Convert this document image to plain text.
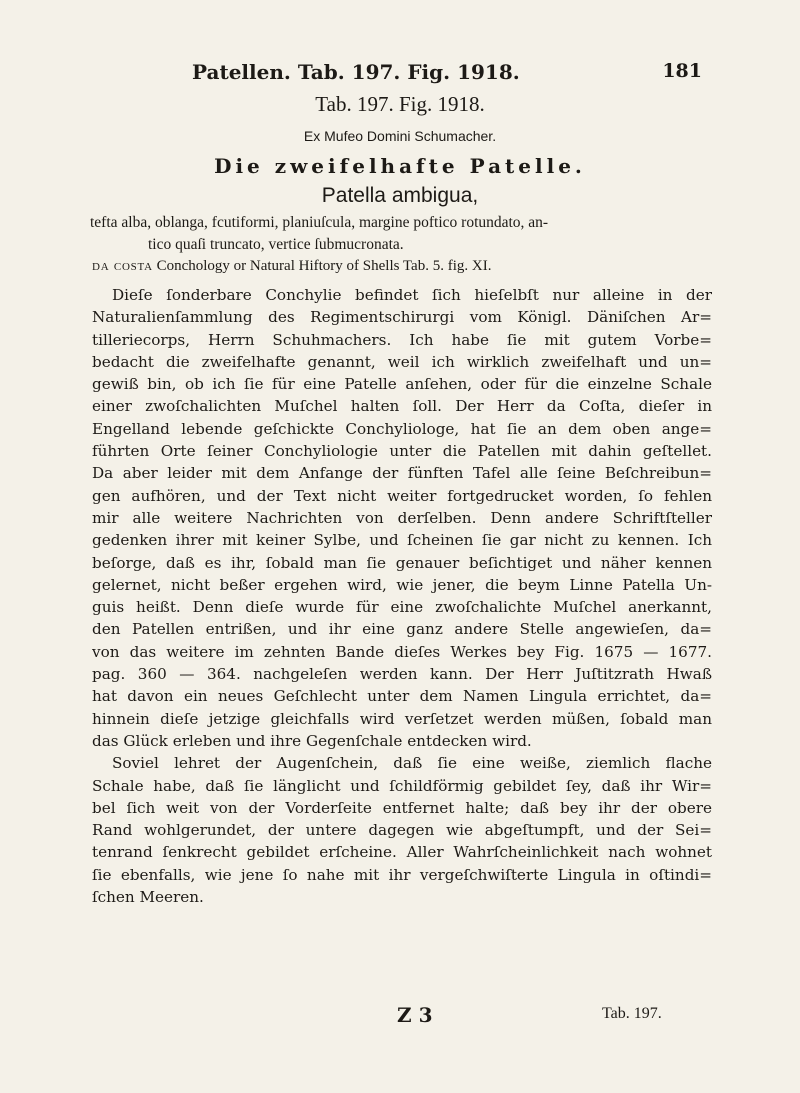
Patellen. Tab. 197. Fig. 1918.	181
Tab. 197. Fig. 1918.
Ex Mufeo Domini Schumacher.
Die zweifelhafte Patelle.
Patella ambigua,
tefta alba, oblanga, fcutiformi, planiuſcula, margine poftico rotundato, an-
tico quaſi truncato, vertice ſubmucronata.
da costa Conchology or Natural Hiftory of Shells Tab. 5. fig. XI.
Dieſe ſonderbare Conchylie befindet ſich hieſelbſt nur alleine in der
Naturalienſammlung des Regimentschirurgi vom Königl. Däniſchen Ar=
tilleriecorps, Herrn Schuhmachers. Ich habe ſie mit gutem Vorbe=
bedacht die zweifelhafte genannt, weil ich wirklich zweifelhaft und un=
gewiß bin, ob ich ſie für eine Patelle anſehen, oder für die einzelne Schale
einer zwoſchalichten Muſchel halten ſoll. Der Herr da Coſta, dieſer in
Engelland lebende geſchickte Conchyliologe, hat ſie an dem oben ange=
führten Orte ſeiner Conchyliologie unter die Patellen mit dahin geſtellet.
Da aber leider mit dem Anfange der fünften Tafel alle ſeine Beſchreibun=
gen aufhören, und der Text nicht weiter fortgedrucket worden, ſo fehlen
mir alle weitere Nachrichten von derſelben. Denn andere Schriftſteller
gedenken ihrer mit keiner Sylbe, und ſcheinen ſie gar nicht zu kennen. Ich
beſorge, daß es ihr, ſobald man ſie genauer beſichtiget und näher kennen
gelernet, nicht beßer ergehen wird, wie jener, die beym Linne Patella Un-
guis heißt. Denn dieſe wurde für eine zwoſchalichte Muſchel anerkannt,
den Patellen entrißen, und ihr eine ganz andere Stelle angewieſen, da=
von das weitere im zehnten Bande dieſes Werkes bey Fig. 1675 — 1677.
pag. 360 — 364. nachgeleſen werden kann. Der Herr Juſtitzrath Hwaß
hat davon ein neues Geſchlecht unter dem Namen Lingula errichtet, da=
hinnein dieſe jetzige gleichfalls wird verſetzet werden müßen, ſobald man
das Glück erleben und ihre Gegenſchale entdecken wird.
Soviel lehret der Augenſchein, daß ſie eine weiße, ziemlich flache
Schale habe, daß ſie länglicht und ſchildförmig gebildet ſey, daß ihr Wir=
bel ſich weit von der Vorderſeite entfernet halte; daß bey ihr der obere
Rand wohlgerundet, der untere dagegen wie abgeſtumpft, und der Sei=
tenrand ſenkrecht gebildet erſcheine. Aller Wahrſcheinlichkeit nach wohnet
ſie ebenfalls, wie jene ſo nahe mit ihr vergeſchwiſterte Lingula in oſtindi=
ſchen Meeren.
Z 3	Tab. 197.
